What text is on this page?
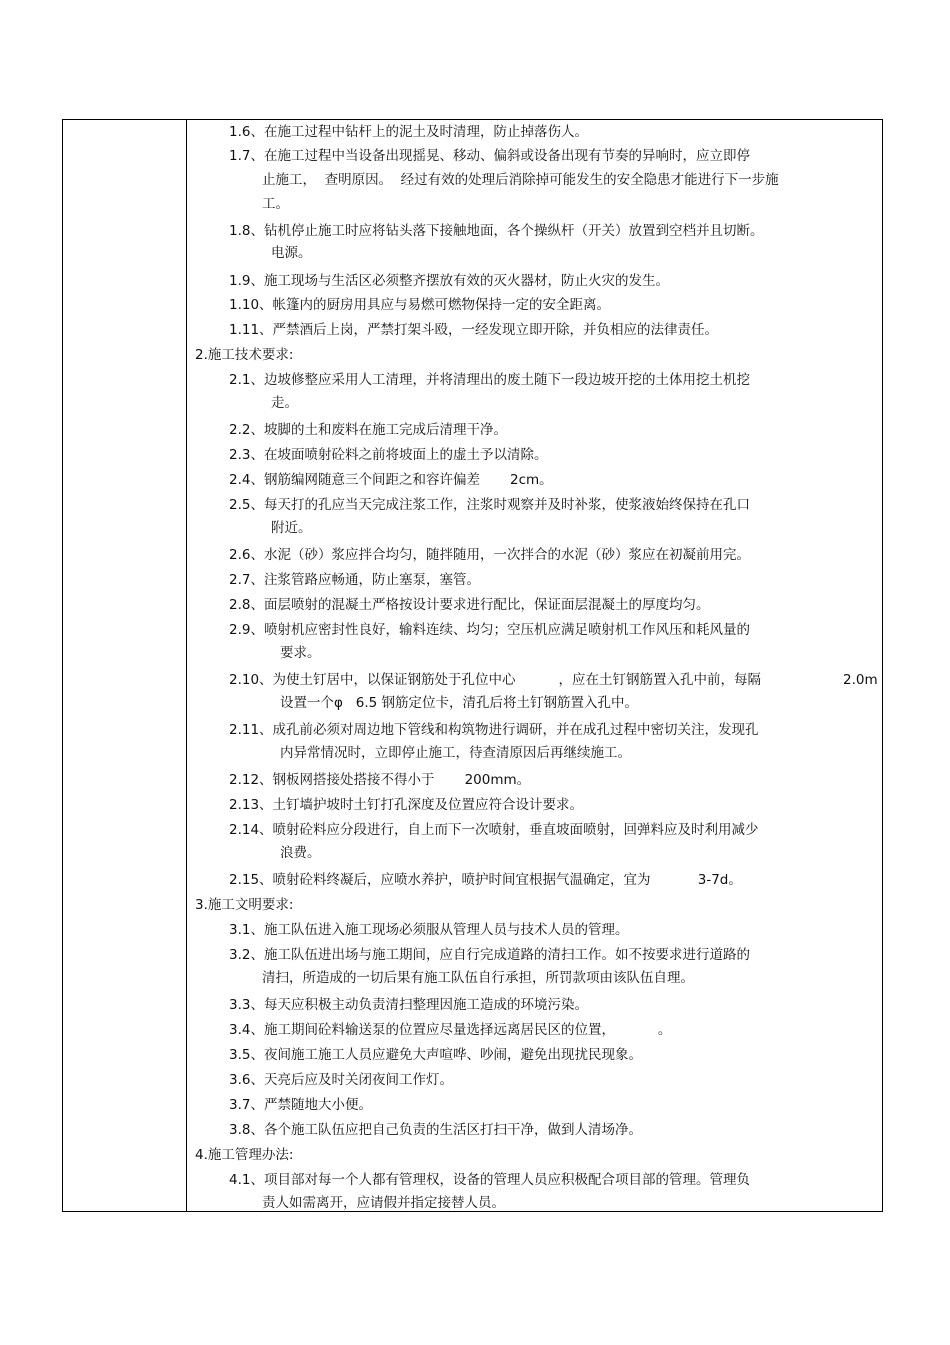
1.6、在施工过程中钻杆上的泥土及时清理，防止掉落伤人。
1.7、在施工过程中当设备出现摇晃、移动、偏斜或设备出现有节奏的异响时，应立即停
止施工，  查明原因。  经过有效的处理后消除掉可能发生的安全隐患才能进行下一步施
工。
1.8、钻机停止施工时应将钻头落下接触地面，各个操纵杆（开关）放置到空档并且切断。
电源。
1.9、施工现场与生活区必须整齐摆放有效的灭火器材，防止火灾的发生。
1.10、帐篷内的厨房用具应与易燃可燃物保持一定的安全距离。
1.11、严禁酒后上岗，严禁打架斗殴，一经发现立即开除，并负相应的法律责任。
2.施工技术要求:
2.1、边坡修整应采用人工清理，并将清理出的废土随下一段边坡开挖的土体用挖土机挖
走。
2.2、坡脚的土和废料在施工完成后清理干净。
2.3、在坡面喷射砼料之前将坡面上的虚土予以清除。
2.4、钢筋编网随意三个间距之和容许偏差       2cm。
2.5、每天打的孔应当天完成注浆工作，注浆时观察并及时补浆，使浆液始终保持在孔口
附近。
2.6、水泥（砂）浆应拌合均匀，随拌随用，一次拌合的水泥（砂）浆应在初凝前用完。
2.7、注浆管路应畅通，防止塞泵，塞管。
2.8、面层喷射的混凝土严格按设计要求进行配比，保证面层混凝土的厚度均匀。
2.9、喷射机应密封性良好，输料连续、均匀；空压机应满足喷射机工作风压和耗风量的
要求。
2.10、为使土钉居中，以保证钢筋处于孔位中心          ，应在土钉钢筋置入孔中前，每隔	2.0m
设置一个φ   6.5 钢筋定位卡，清孔后将土钉钢筋置入孔中。
2.11、成孔前必须对周边地下管线和构筑物进行调研，并在成孔过程中密切关注，发现孔
内异常情况时，立即停止施工，待查清原因后再继续施工。
2.12、钢板网搭接处搭接不得小于       200mm。
2.13、土钉墙护坡时土钉打孔深度及位置应符合设计要求。
2.14、喷射砼料应分段进行，自上而下一次喷射，垂直坡面喷射，回弹料应及时利用减少
浪费。
2.15、喷射砼料终凝后，应喷水养护，喷护时间宜根据气温确定，宜为           3-7d。
3.施工文明要求:
3.1、施工队伍进入施工现场必须服从管理人员与技术人员的管理。
3.2、施工队伍进出场与施工期间，应自行完成道路的清扫工作。如不按要求进行道路的
清扫，所造成的一切后果有施工队伍自行承担，所罚款项由该队伍自理。
3.3、每天应积极主动负责清扫整理因施工造成的环境污染。
3.4、施工期间砼料输送泵的位置应尽量选择远离居民区的位置，          。
3.5、夜间施工施工人员应避免大声喧哗、吵闹，避免出现扰民现象。
3.6、天亮后应及时关闭夜间工作灯。
3.7、严禁随地大小便。
3.8、各个施工队伍应把自己负责的生活区打扫干净，做到人清场净。
4.施工管理办法:
4.1、项目部对每一个人都有管理权，设备的管理人员应积极配合项目部的管理。管理负
责人如需离开，应请假并指定接替人员。
